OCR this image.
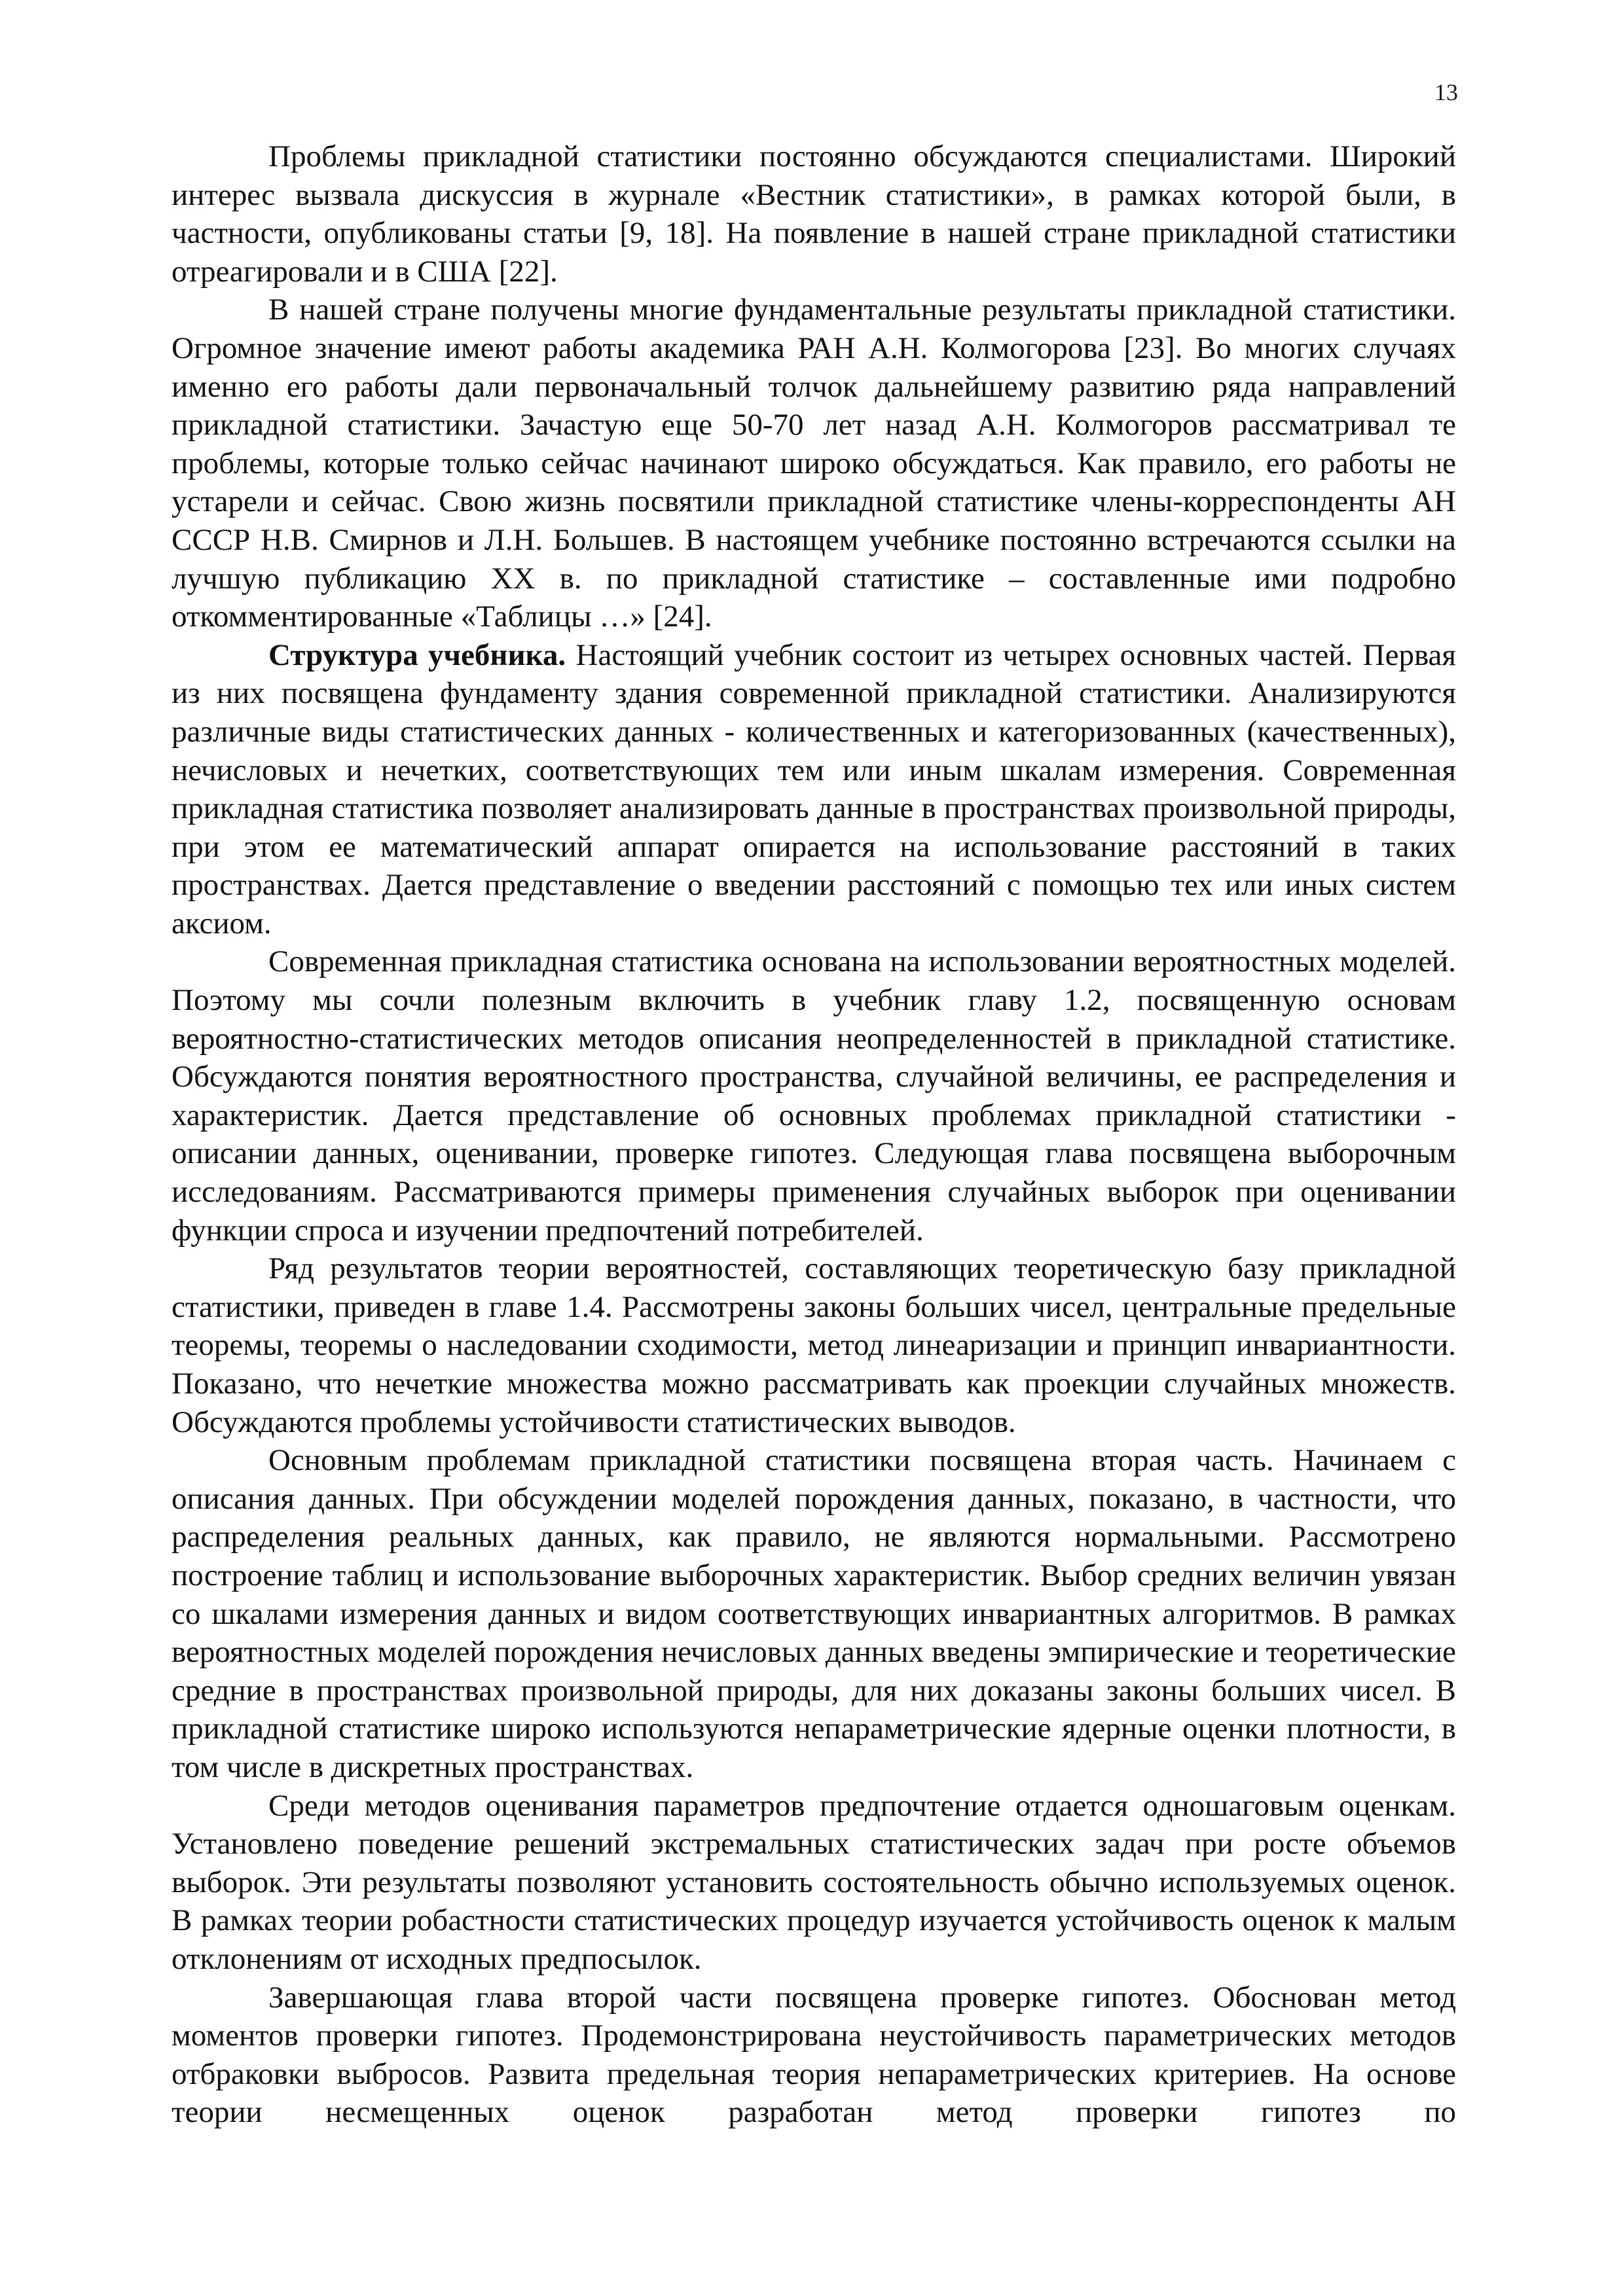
13

Проблемы прикладной статистики постоянно обсуждаются специалистами. Широкий интерес вызвала дискуссия в журнале «Вестник статистики», в рамках которой были, в частности, опубликованы статьи [9, 18]. На появление в нашей стране прикладной статистики отреагировали и в США [22].

В нашей стране получены многие фундаментальные результаты прикладной статистики. Огромное значение имеют работы академика РАН А.Н. Колмогорова [23]. Во многих случаях именно его работы дали первоначальный толчок дальнейшему развитию ряда направлений прикладной статистики. Зачастую еще 50-70 лет назад А.Н. Колмогоров рассматривал те проблемы, которые только сейчас начинают широко обсуждаться. Как правило, его работы не устарели и сейчас. Свою жизнь посвятили прикладной статистике члены-корреспонденты АН СССР Н.В. Смирнов и Л.Н. Большев. В настоящем учебнике постоянно встречаются ссылки на лучшую публикацию XX в. по прикладной статистике – составленные ими подробно откомментированные «Таблицы …» [24].

Структура учебника. Настоящий учебник состоит из четырех основных частей. Первая из них посвящена фундаменту здания современной прикладной статистики. Анализируются различные виды статистических данных - количественных и категоризованных (качественных), нечисловых и нечетких, соответствующих тем или иным шкалам измерения. Современная прикладная статистика позволяет анализировать данные в пространствах произвольной природы, при этом ее математический аппарат опирается на использование расстояний в таких пространствах. Дается представление о введении расстояний с помощью тех или иных систем аксиом.

Современная прикладная статистика основана на использовании вероятностных моделей. Поэтому мы сочли полезным включить в учебник главу 1.2, посвященную основам вероятностно-статистических методов описания неопределенностей в прикладной статистике. Обсуждаются понятия вероятностного пространства, случайной величины, ее распределения и характеристик. Дается представление об основных проблемах прикладной статистики - описании данных, оценивании, проверке гипотез. Следующая глава посвящена выборочным исследованиям. Рассматриваются примеры применения случайных выборок при оценивании функции спроса и изучении предпочтений потребителей.

Ряд результатов теории вероятностей, составляющих теоретическую базу прикладной статистики, приведен в главе 1.4. Рассмотрены законы больших чисел, центральные предельные теоремы, теоремы о наследовании сходимости, метод линеаризации и принцип инвариантности. Показано, что нечеткие множества можно рассматривать как проекции случайных множеств. Обсуждаются проблемы устойчивости статистических выводов.

Основным проблемам прикладной статистики посвящена вторая часть. Начинаем с описания данных. При обсуждении моделей порождения данных, показано, в частности, что распределения реальных данных, как правило, не являются нормальными. Рассмотрено построение таблиц и использование выборочных характеристик. Выбор средних величин увязан со шкалами измерения данных и видом соответствующих инвариантных алгоритмов. В рамках вероятностных моделей порождения нечисловых данных введены эмпирические и теоретические средние в пространствах произвольной природы, для них доказаны законы больших чисел. В прикладной статистике широко используются непараметрические ядерные оценки плотности, в том числе в дискретных пространствах.

Среди методов оценивания параметров предпочтение отдается одношаговым оценкам. Установлено поведение решений экстремальных статистических задач при росте объемов выборок. Эти результаты позволяют установить состоятельность обычно используемых оценок. В рамках теории робастности статистических процедур изучается устойчивость оценок к малым отклонениям от исходных предпосылок.

Завершающая глава второй части посвящена проверке гипотез. Обоснован метод моментов проверки гипотез. Продемонстрирована неустойчивость параметрических методов отбраковки выбросов. Развита предельная теория непараметрических критериев. На основе теории несмещенных оценок разработан метод проверки гипотез по
